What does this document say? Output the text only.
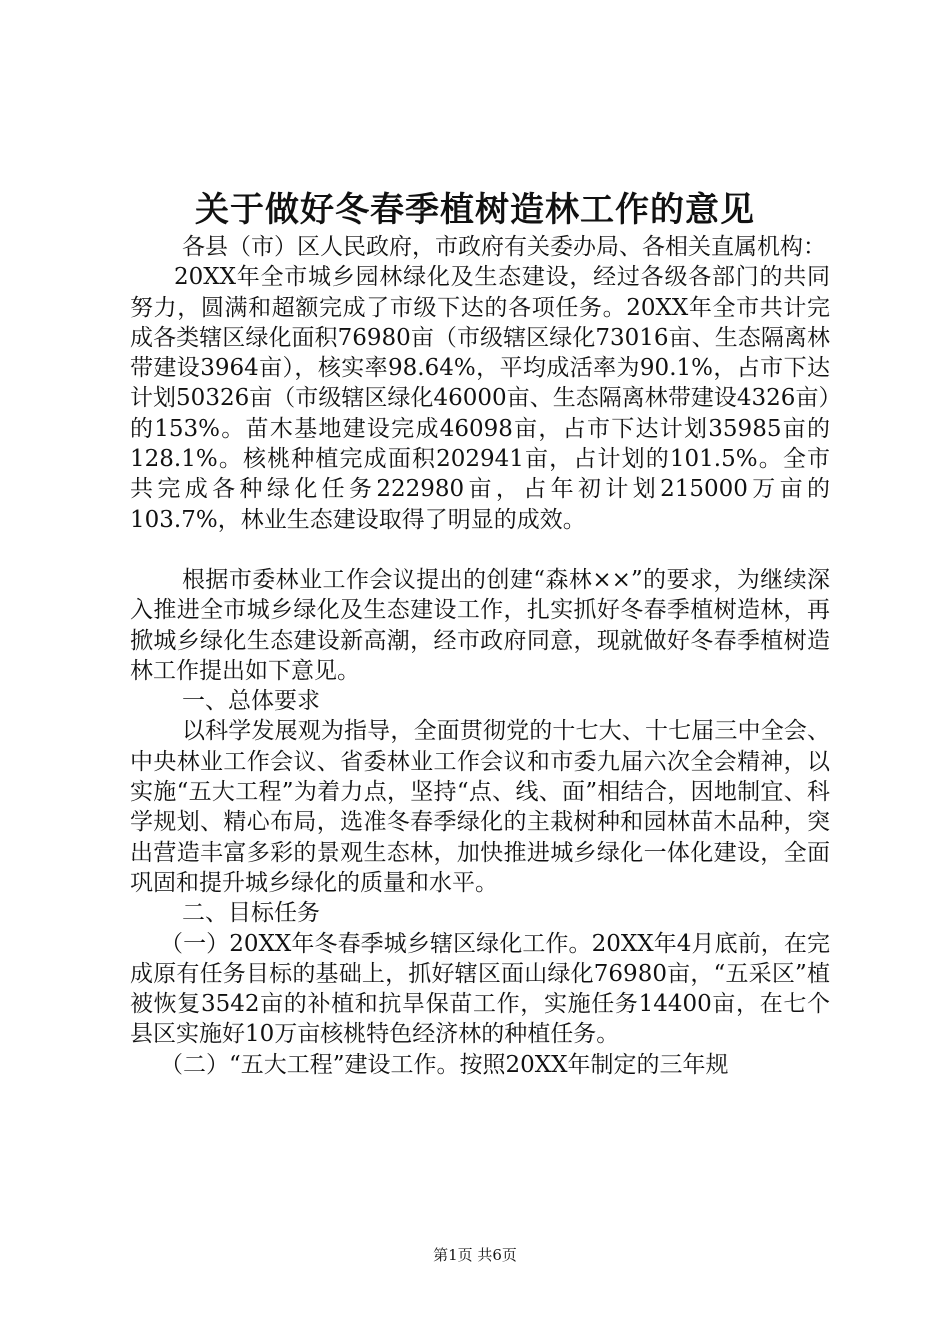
关于做好冬春季植树造林工作的意见

各县（市）区人民政府，市政府有关委办局、各相关直属机构：

20XX年全市城乡园林绿化及生态建设，经过各级各部门的共同努力，圆满和超额完成了市级下达的各项任务。20XX年全市共计完成各类辖区绿化面积76980亩（市级辖区绿化73016亩、生态隔离林带建设3964亩），核实率98.64%，平均成活率为90.1%，占市下达计划50326亩（市级辖区绿化46000亩、生态隔离林带建设4326亩）的153%。苗木基地建设完成46098亩，占市下达计划35985亩的128.1%。核桃种植完成面积202941亩，占计划的101.5%。全市共完成各种绿化任务222980亩，占年初计划215000万亩的103.7%，林业生态建设取得了明显的成效。

根据市委林业工作会议提出的创建“森林××”的要求，为继续深入推进全市城乡绿化及生态建设工作，扎实抓好冬春季植树造林，再掀城乡绿化生态建设新高潮，经市政府同意，现就做好冬春季植树造林工作提出如下意见。

一、总体要求

以科学发展观为指导，全面贯彻党的十七大、十七届三中全会、中央林业工作会议、省委林业工作会议和市委九届六次全会精神，以实施“五大工程”为着力点，坚持“点、线、面”相结合，因地制宜、科学规划、精心布局，选准冬春季绿化的主栽树种和园林苗木品种，突出营造丰富多彩的景观生态林，加快推进城乡绿化一体化建设，全面巩固和提升城乡绿化的质量和水平。

二、目标任务

（一）20XX年冬春季城乡辖区绿化工作。20XX年4月底前，在完成原有任务目标的基础上，抓好辖区面山绿化76980亩，“五采区”植被恢复3542亩的补植和抗旱保苗工作，实施任务14400亩，在七个县区实施好10万亩核桃特色经济林的种植任务。

（二）“五大工程”建设工作。按照20XX年制定的三年规

第1页 共6页
